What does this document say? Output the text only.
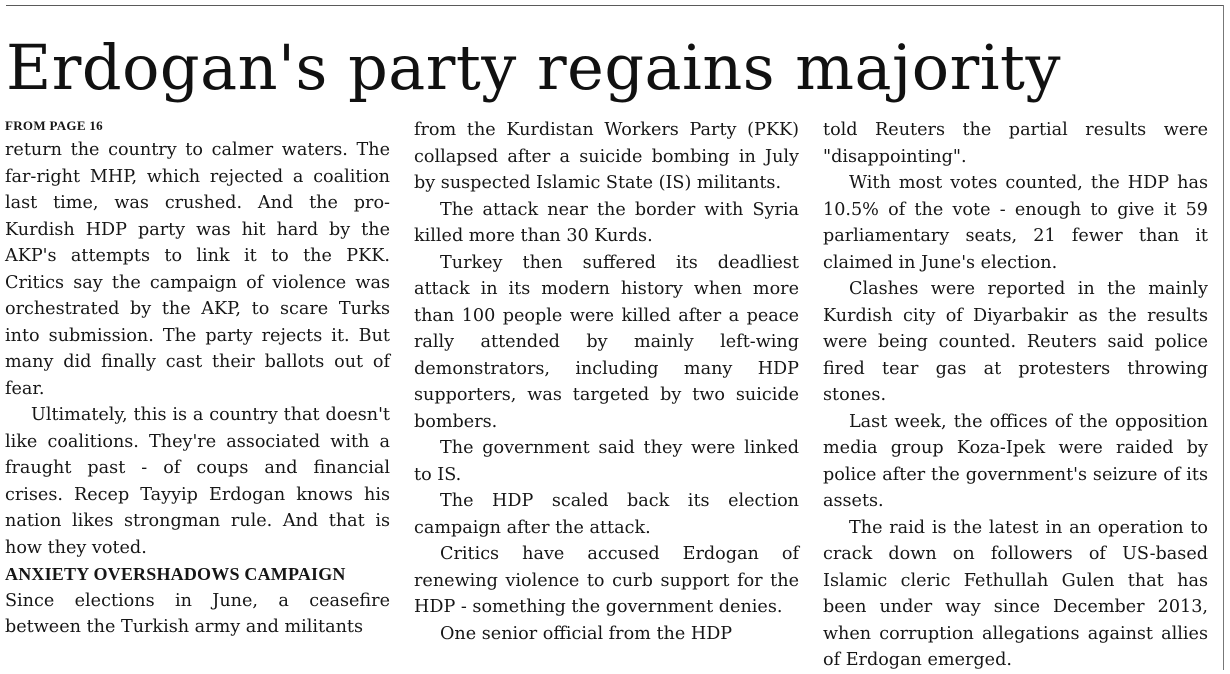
Erdogan's party regains majority
FROM PAGE 16

return the country to calmer waters. The far-right MHP, which rejected a coalition last time, was crushed. And the pro-Kurdish HDP party was hit hard by the AKP's attempts to link it to the PKK. Critics say the campaign of violence was orchestrated by the AKP, to scare Turks into submission. The party rejects it. But many did finally cast their ballots out of fear.

Ultimately, this is a country that doesn't like coalitions. They're associated with a fraught past - of coups and financial crises. Recep Tayyip Erdogan knows his nation likes strongman rule. And that is how they voted.

ANXIETY OVERSHADOWS CAMPAIGN

Since elections in June, a ceasefire between the Turkish army and militants

from the Kurdistan Workers Party (PKK) collapsed after a suicide bombing in July by suspected Islamic State (IS) militants.

The attack near the border with Syria killed more than 30 Kurds.

Turkey then suffered its deadliest attack in its modern history when more than 100 people were killed after a peace rally attended by mainly left-wing demonstrators, including many HDP supporters, was targeted by two suicide bombers.

The government said they were linked to IS.

The HDP scaled back its election campaign after the attack.

Critics have accused Erdogan of renewing violence to curb support for the HDP - something the government denies.

One senior official from the HDP

told Reuters the partial results were "disappointing".

With most votes counted, the HDP has 10.5% of the vote - enough to give it 59 parliamentary seats, 21 fewer than it claimed in June's election.

Clashes were reported in the mainly Kurdish city of Diyarbakir as the results were being counted. Reuters said police fired tear gas at protesters throwing stones.

Last week, the offices of the opposition media group Koza-Ipek were raided by police after the government's seizure of its assets.

The raid is the latest in an operation to crack down on followers of US-based Islamic cleric Fethullah Gulen that has been under way since December 2013, when corruption allegations against allies of Erdogan emerged.
